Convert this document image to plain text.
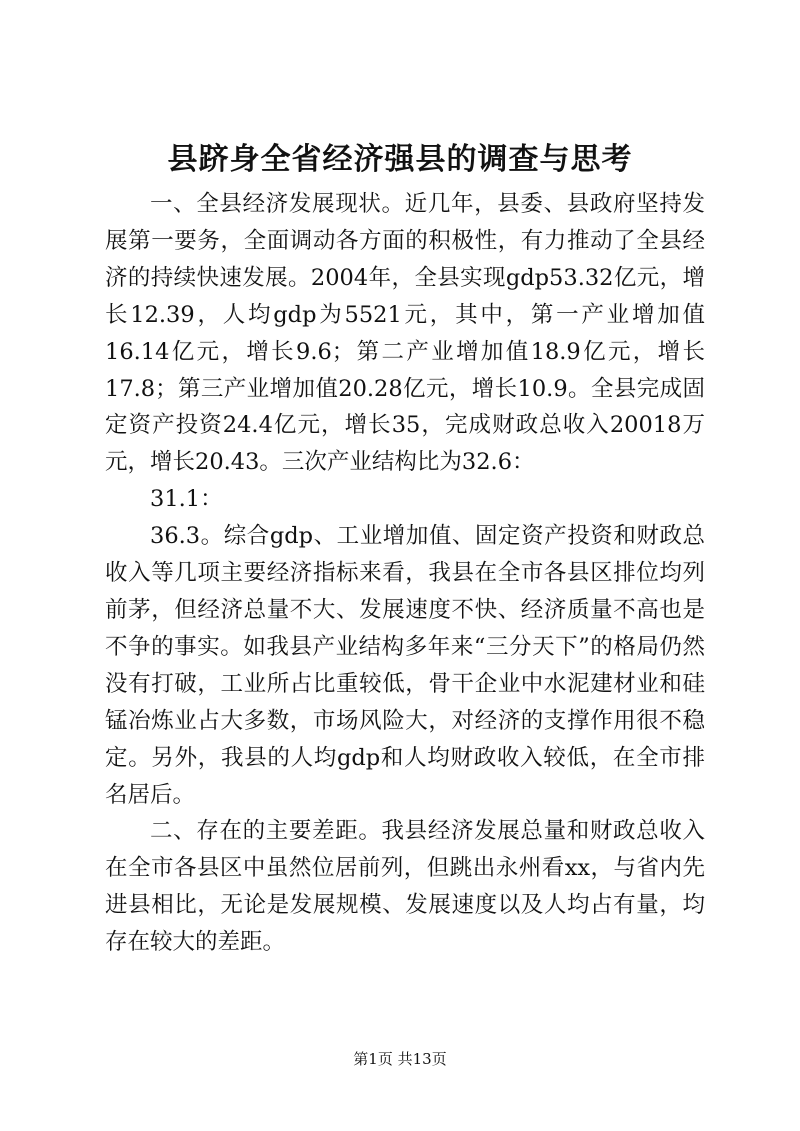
县跻身全省经济强县的调查与思考

一、全县经济发展现状。近几年，县委、县政府坚持发展第一要务，全面调动各方面的积极性，有力推动了全县经济的持续快速发展。2004年，全县实现gdp53.32亿元，增长12.39，人均gdp为5521元，其中，第一产业增加值16.14亿元，增长9.6；第二产业增加值18.9亿元，增长17.8；第三产业增加值20.28亿元，增长10.9。全县完成固定资产投资24.4亿元，增长35，完成财政总收入20018万元，增长20.43。三次产业结构比为32.6：

31.1：

36.3。综合gdp、工业增加值、固定资产投资和财政总收入等几项主要经济指标来看，我县在全市各县区排位均列前茅，但经济总量不大、发展速度不快、经济质量不高也是不争的事实。如我县产业结构多年来“三分天下”的格局仍然没有打破，工业所占比重较低，骨干企业中水泥建材业和硅锰冶炼业占大多数，市场风险大，对经济的支撑作用很不稳定。另外，我县的人均gdp和人均财政收入较低，在全市排名居后。

二、存在的主要差距。我县经济发展总量和财政总收入在全市各县区中虽然位居前列，但跳出永州看xx，与省内先进县相比，无论是发展规模、发展速度以及人均占有量，均存在较大的差距。

第1页 共13页
